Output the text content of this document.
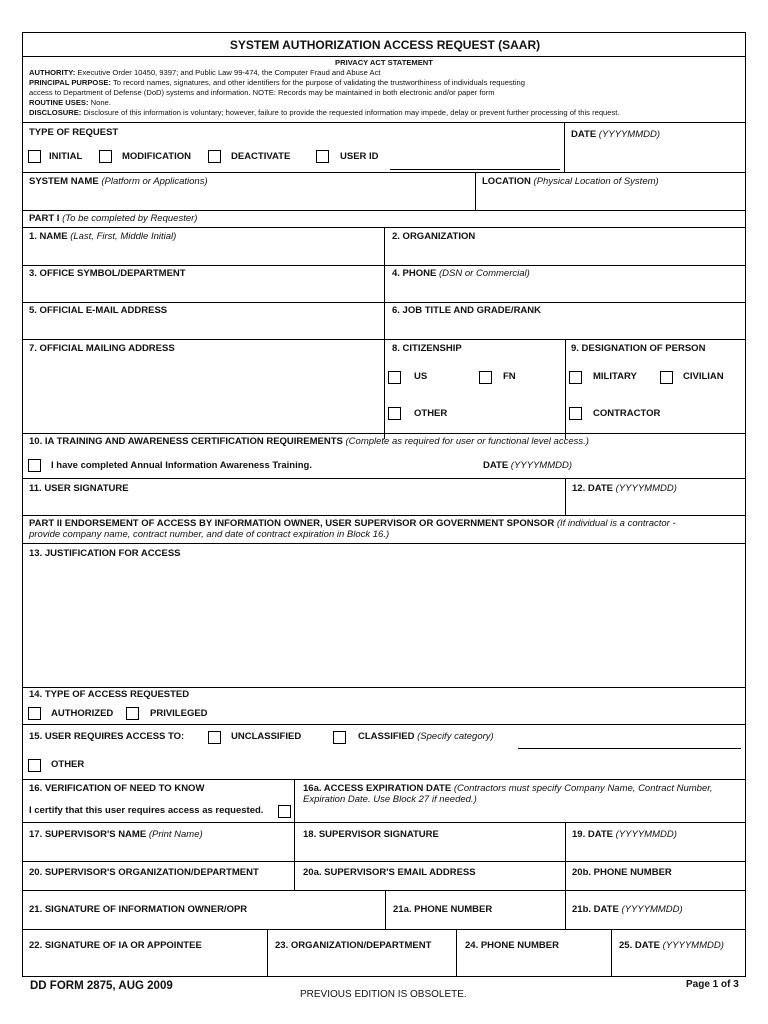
SYSTEM AUTHORIZATION ACCESS REQUEST (SAAR)
PRIVACY ACT STATEMENT
AUTHORITY: Executive Order 10450, 9397; and Public Law 99-474, the Computer Fraud and Abuse Act
PRINCIPAL PURPOSE: To record names, signatures, and other identifiers for the purpose of validating the trustworthiness of individuals requesting
access to Department of Defense (DoD) systems and information. NOTE: Records may be maintained in both electronic and/or paper form
ROUTINE USES: None.
DISCLOSURE: Disclosure of this information is voluntary; however, failure to provide the requested information may impede, delay or prevent further processing of this request.
TYPE OF REQUEST
INITIAL	MODIFICATION	DEACTIVATE	USER ID
DATE (YYYYMMDD)
SYSTEM NAME (Platform or Applications)	LOCATION (Physical Location of System)
PART I (To be completed by Requester)
1. NAME (Last, First, Middle Initial)	2. ORGANIZATION
3. OFFICE SYMBOL/DEPARTMENT	4. PHONE (DSN or Commercial)
5. OFFICIAL E-MAIL ADDRESS	6. JOB TITLE AND GRADE/RANK
7. OFFICIAL MAILING ADDRESS	8. CITIZENSHIP
US	FN
OTHER
9. DESIGNATION OF PERSON
MILITARY	CIVILIAN
CONTRACTOR
10. IA TRAINING AND AWARENESS CERTIFICATION REQUIREMENTS (Complete as required for user or functional level access.)
I have completed Annual Information Awareness Training.	DATE (YYYYMMDD)
11. USER SIGNATURE	12. DATE (YYYYMMDD)
PART II ENDORSEMENT OF ACCESS BY INFORMATION OWNER, USER SUPERVISOR OR GOVERNMENT SPONSOR (If individual is a contractor -
provide company name, contract number, and date of contract expiration in Block 16.)
13. JUSTIFICATION FOR ACCESS
14. TYPE OF ACCESS REQUESTED
AUTHORIZED	PRIVILEGED
15. USER REQUIRES ACCESS TO:	UNCLASSIFIED	CLASSIFIED (Specify category)
OTHER
16. VERIFICATION OF NEED TO KNOW
I certify that this user requires access as requested.
16a. ACCESS EXPIRATION DATE (Contractors must specify Company Name, Contract Number,
Expiration Date. Use Block 27 if needed.)
17. SUPERVISOR'S NAME (Print Name)	18. SUPERVISOR SIGNATURE	19. DATE (YYYYMMDD)
20. SUPERVISOR'S ORGANIZATION/DEPARTMENT	20a. SUPERVISOR'S EMAIL ADDRESS	20b. PHONE NUMBER
21. SIGNATURE OF INFORMATION OWNER/OPR	21a. PHONE NUMBER	21b. DATE (YYYYMMDD)
22. SIGNATURE OF IA OR APPOINTEE	23. ORGANIZATION/DEPARTMENT	24. PHONE NUMBER	25. DATE (YYYYMMDD)
DD FORM 2875, AUG 2009
PREVIOUS EDITION IS OBSOLETE.
Page 1 of 3
